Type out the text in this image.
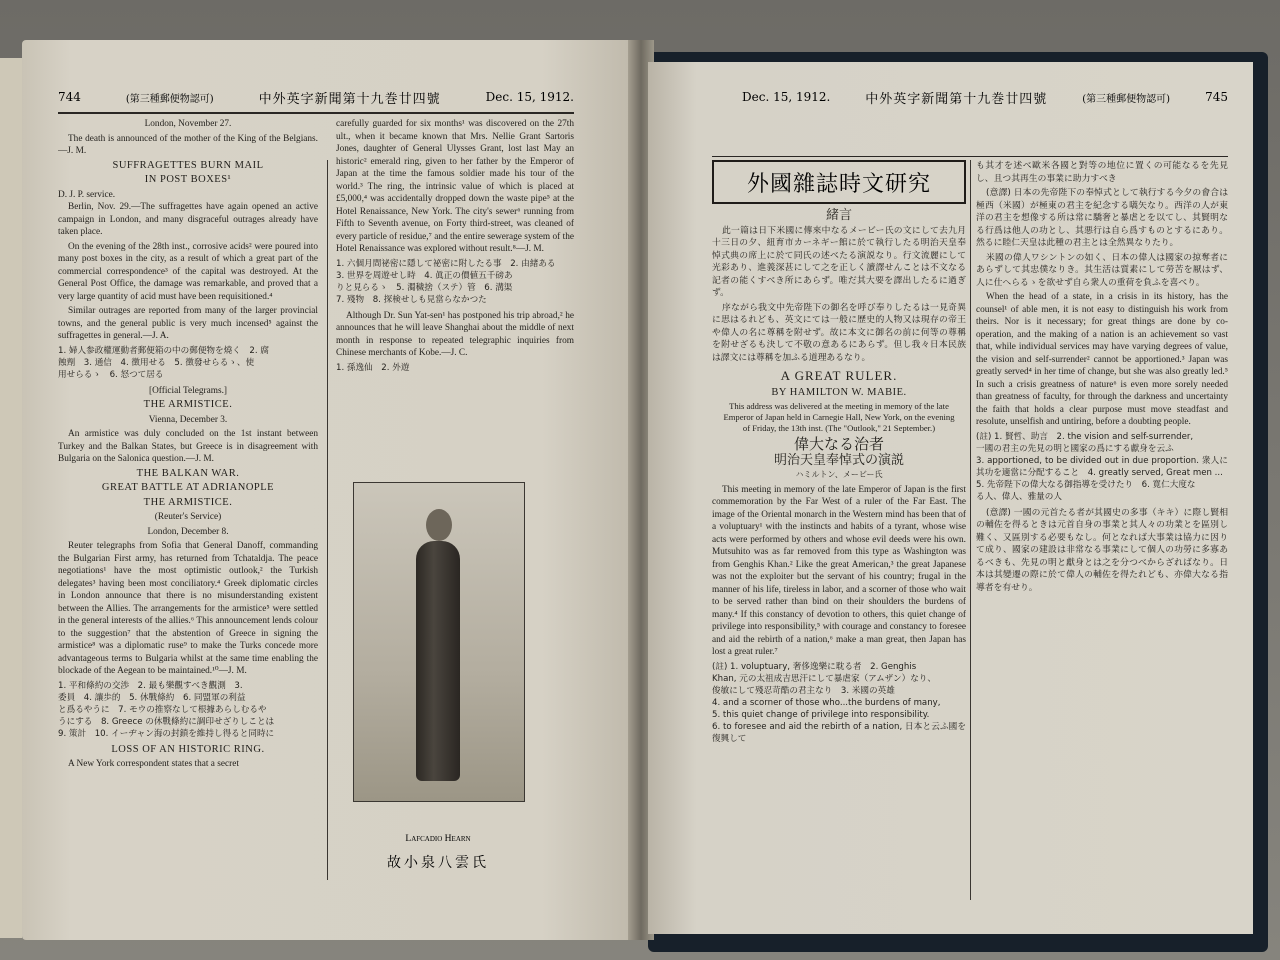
744	(第三種郵便物認可)	中外英字新聞第十九巻廿四號	Dec. 15, 1912.
London, November 27.

The death is announced of the mother of the King of the Belgians.—J. M.

SUFFRAGETTES BURN MAIL
IN POST BOXES¹
D. J. P. service.

Berlin, Nov. 29.—The suffragettes have again opened an active campaign in London, and many disgraceful outrages already have taken place.

On the evening of the 28th inst., corrosive acids² were poured into many post boxes in the city, as a result of which a great part of the commercial correspondence³ of the capital was destroyed. At the General Post Office, the damage was remarkable, and proved that a very large quantity of acid must have been requisitioned.⁴

Similar outrages are reported from many of the larger provincial towns, and the general public is very much incensed⁵ against the suffragettes in general.—J. A.

1. 婦人参政權運動者郵便箱の中の郵便物を燒く　2. 腐
蝕劑　3. 通信　4. 徴用せる　5. 徴發せらるゝ、使
用せらるゝ　6. 怒つて居る
[Official Telegrams.]
THE ARMISTICE.
Vienna, December 3.

An armistice was duly concluded on the 1st instant between Turkey and the Balkan States, but Greece is in disagreement with Bulgaria on the Salonica question.—J. M.

THE BALKAN WAR.
GREAT BATTLE AT ADRIANOPLE
THE ARMISTICE.
(Reuter's Service)
London, December 8.

Reuter telegraphs from Sofia that General Danoff, commanding the Bulgarian First army, has returned from Tchataldja. The peace negotiations¹ have the most optimistic outlook,² the Turkish delegates³ having been most conciliatory.⁴ Greek diplomatic circles in London announce that there is no misunderstanding existent between the Allies. The arrangements for the armistice⁵ were settled in the general interests of the allies.⁶ This announcement lends colour to the suggestion⁷ that the abstention of Greece in signing the armistice⁸ was a diplomatic ruse⁹ to make the Turks concede more advantageous terms to Bulgaria whilst at the same time enabling the blockade of the Aegean to be maintained.¹⁰—J. M.

1. 平和條約の交渉　2. 最も樂觀すべき觀測　3.
委員　4. 讓歩的　5. 休戰條約　6. 同盟軍の利益
と爲るやうに　7. モウの推察なして根據あらしむるや
うにする　8. Greece の休戰條約に調印せざりしことは
9. 策計　10. イーヂャン海の封鎖を維持し得ると同時に
LOSS OF AN HISTORIC RING.

A New York correspondent states that a secret

carefully guarded for six months¹ was discovered on the 27th ult., when it became known that Mrs. Nellie Grant Sartoris Jones, daughter of General Ulysses Grant, lost last May an historic² emerald ring, given to her father by the Emperor of Japan at the time the famous soldier made his tour of the world.³ The ring, the intrinsic value of which is placed at £5,000,⁴ was accidentally dropped down the waste pipe⁵ at the Hotel Renaissance, New York. The city's sewer⁶ running from Fifth to Seventh avenue, on Forty third-street, was cleaned of every particle of residue,⁷ and the entire sewerage system of the Hotel Renaissance was explored without result.⁸—J. M.

1. 六個月間祕密に隱して祕密に附したる事　2. 由緒ある
3. 世界を周遊せし時　4. 眞正の價値五千磅あ
りと見らるゝ　5. 濁穢捨（ステ）管　6. 溝渠
7. 殘物　8. 探検せしも見當らなかつた

Although Dr. Sun Yat-sen¹ has postponed his trip abroad,² he announces that he will leave Shanghai about the middle of next month in response to repeated telegraphic inquiries from Chinese merchants of Kobe.—J. C.

1. 孫逸仙　2. 外遊
Lafcadio Hearn
故小泉八雲氏
Dec. 15, 1912.	中外英字新聞第十九巻廿四號	(第三種郵便物認可)	745
外國雜誌時文研究
緒言

此一篇は日下米國に傳來中なるメービー氏の文にして去九月十三日の夕、紐育市カーネギー館に於て執行したる明治天皇奉悼式典の席上に於て同氏の述べたる演説なり。行文流麗にして光彩あり、進義深甚にして之を正しく讀譯せんことは不文なる記者の能くすべき所にあらず。唯だ其大要を譯出したるに過ぎず。

序ながら我文中先帝陛下の御名を呼び奉りしたるは一見奇異に思はるれども、英文にては一般に歷史的人物又は現存の帝王や偉人の名に尊稱を附せず。故に本文に御名の前に何等の尊稱を附せざるも決して不敬の意あるにあらず。但し我々日本民族は譯文には尊稱を加ふる道理あるなり。

A GREAT RULER.
BY HAMILTON W. MABIE.
This address was delivered at the meeting in memory of the late Emperor of Japan held in Carnegie Hall, New York, on the evening of Friday, the 13th inst. (The "Outlook," 21 September.)
偉大なる治者
明治天皇奉悼式の演説
ハミルトン、メービー氏

This meeting in memory of the late Emperor of Japan is the first commemoration by the Far West of a ruler of the Far East. The image of the Oriental monarch in the Western mind has been that of a voluptuary¹ with the instincts and habits of a tyrant, whose wise acts were performed by others and whose evil deeds were his own. Mutsuhito was as far removed from this type as Washington was from Genghis Khan.² Like the great American,³ the great Japanese was not the exploiter but the servant of his country; frugal in the manner of his life, tireless in labor, and a scorner of those who wait to be served rather than bind on their shoulders the burdens of many.⁴ If this constancy of devotion to others, this quiet change of privilege into responsibility,⁵ with courage and constancy to foresee and aid the rebirth of a nation,⁶ make a man great, then Japan has lost a great ruler.⁷

(註) 1. voluptuary, 奢侈逸樂に耽る者　2. Genghis
Khan, 元の太祖成吉思汗にして暴虐家（アムザン）なり、
俊敏にして殘忍苛酷の君主なり　3. 米國の英雄
4. and a scorner of those who...the burdens of many,
5. this quiet change of privilege into responsibility.
6. to foresee and aid the rebirth of a nation, 日本と云ふ國を復興して

も其才を述べ歐米各國と對等の地位に置くの可能なるを先見し、且つ其再生の事業に助力すべき

(意譯) 日本の先帝陛下の奉悼式として執行する今夕の會合は極西（米國）が極東の君主を紀念する嚆矢なり。西洋の人が東洋の君主を想像する所は常に驕奢と暴虐とを以てし、其賢明なる行爲は他人の功とし、其悪行は自ら爲すものとするにあり。然るに睦仁天皇は此種の君主とは全然異なりたり。

米國の偉人ワシントンの如く、日本の偉人は國家の掠奪者にあらずして其忠僕なりき。其生活は質素にして勞苦を厭はず、人に仕へらるゝを欲せず自ら衆人の重荷を負ふを喜べり。

When the head of a state, in a crisis in its history, has the counsel¹ of able men, it is not easy to distinguish his work from theirs. Nor is it necessary; for great things are done by co-operation, and the making of a nation is an achievement so vast that, while individual services may have varying degrees of value, the vision and self-surrender² cannot be apportioned.³ Japan was greatly served⁴ in her time of change, but she was also greatly led.⁵ In such a crisis greatness of nature⁶ is even more sorely needed than greatness of faculty, for through the darkness and uncertainty the faith that holds a clear purpose must move steadfast and resolute, unselfish and untiring, before a doubting people.

(註) 1. 賢哲、助言　2. the vision and self-surrender,
一國の君主の先見の明と國家の爲にする獻身を云ふ
3. apportioned, to be divided out in due proportion. 衆人に其功を適當に分配すること　4. greatly served, Great men ...
5. 先帝陛下の偉大なる御指導を受けたり　6. 寬仁大度な
る人、偉人、雅量の人

(意譯) 一國の元首たる者が其國史の多事（キキ）に際し賢相の輔佐を得るときは元首自身の事業と其人々の功業とを區別し難く、又區別する必要もなし。何となれば大事業は協力に因りて成り、國家の建設は非常なる事業にして個人の功勞に多寡あるべきも、先見の明と獻身とは之を分つべからざればなり。日本は其變遷の際に於て偉人の輔佐を得たれども、亦偉大なる指導者を有せり。
